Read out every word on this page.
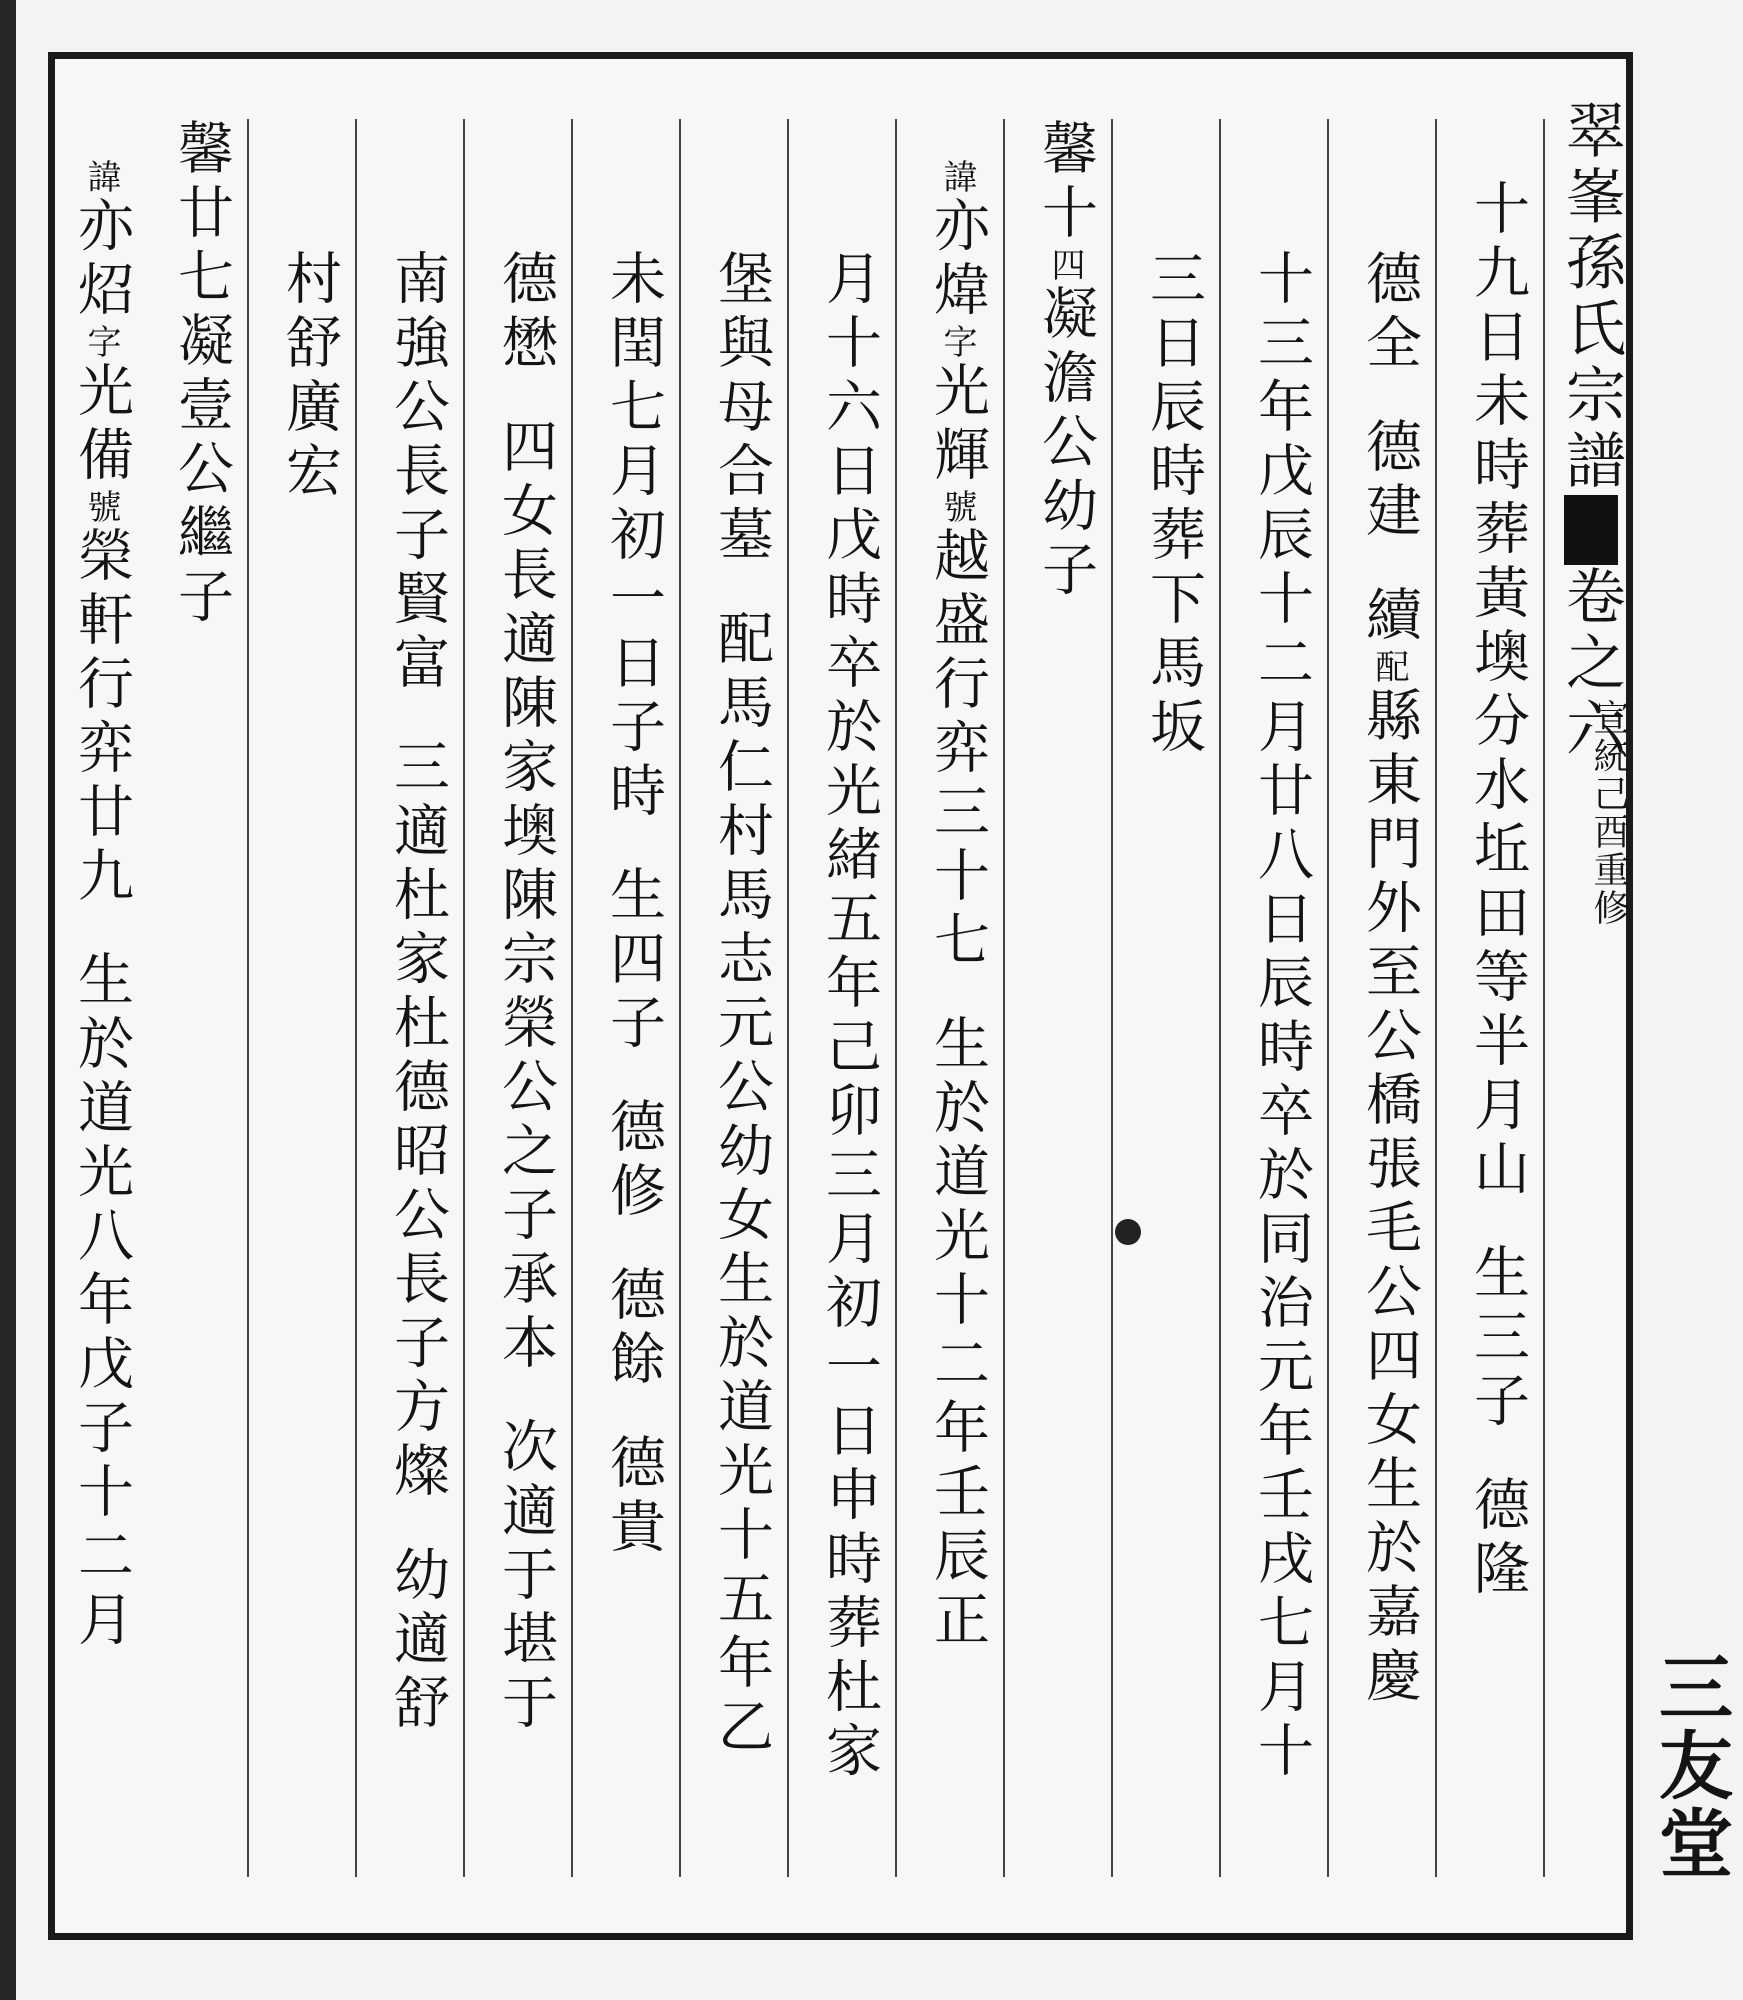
翠峯孫氏宗譜卷之六
宣統己酉重修
三友堂
十九日未時葬黃墺分水坵田等半月山生三子德隆
德全德建續配縣東門外至公橋張毛公四女生於嘉慶
十三年戊辰十二月廿八日辰時卒於同治元年壬戌七月十
三日辰時葬下馬坂
馨十四凝澹公幼子
諱亦煒字光輝號越盛行弈三十七生於道光十二年壬辰正
月十六日戊時卒於光緒五年己卯三月初一日申時葬杜家
堡與母合墓配馬仁村馬志元公幼女生於道光十五年乙
未閏七月初一日子時生四子德修德餘德貴
德懋四女長適陳家墺陳宗榮公之子承本次適于堪于
南強公長子賢富三適杜家杜德昭公長子方燦幼適舒
村舒廣宏
馨廿七凝壹公繼子
諱亦炤字光備號榮軒行弈廿九生於道光八年戊子十二月
